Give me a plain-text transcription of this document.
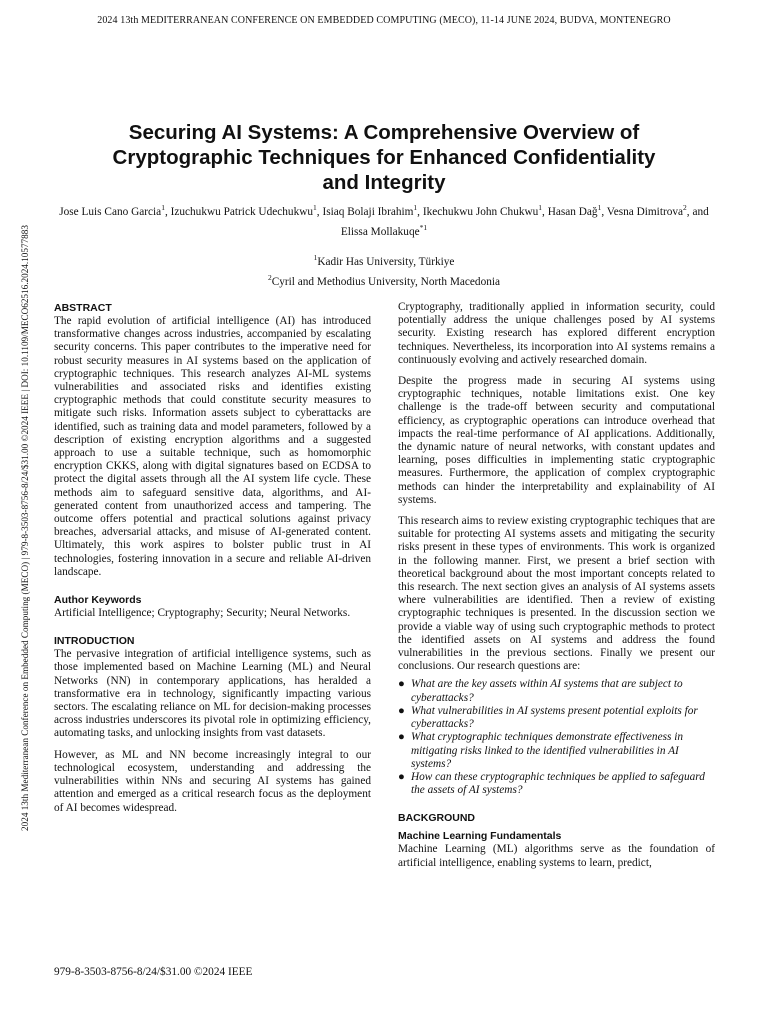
2024 13th MEDITERRANEAN CONFERENCE ON EMBEDDED COMPUTING (MECO), 11-14 JUNE 2024, BUDVA, MONTENEGRO
2024 13th Mediterranean Conference on Embedded Computing (MECO) | 979-8-3503-8756-8/24/$31.00 ©2024 IEEE | DOI: 10.1109/MECO62516.2024.10577883
Securing AI Systems: A Comprehensive Overview of
Cryptographic Techniques for Enhanced Confidentiality
and Integrity
Jose Luis Cano Garcia$^1$, Izuchukwu Patrick Udechukwu$^1$, Isiaq Bolaji Ibrahim$^1$, Ikechukwu John Chukwu$^1$, Hasan Dağ$^1$, Vesna Dimitrova$^2$, and Elissa Mollakuqe$^{*1}$
$^1$Kadir Has University, Türkiye
$^2$Cyril and Methodius University, North Macedonia

ABSTRACT

The rapid evolution of artificial intelligence (AI) has introduced transformative changes across industries, accompanied by escalating security concerns. This paper contributes to the imperative need for robust security measures in AI systems based on the application of cryptographic techniques. This research analyzes AI-ML systems vulnerabilities and associated risks and identifies existing cryptographic methods that could constitute security measures to mitigate such risks. Information assets subject to cyberattacks are identified, such as training data and model parameters, followed by a description of existing encryption algorithms and a suggested approach to use a suitable technique, such as homomorphic encryption CKKS, along with digital signatures based on ECDSA to protect the digital assets through all the AI system life cycle. These methods aim to safeguard sensitive data, algorithms, and AI-generated content from unauthorized access and tampering. The outcome offers potential and practical solutions against privacy breaches, adversarial attacks, and misuse of AI-generated content. Ultimately, this work aspires to bolster public trust in AI technologies, fostering innovation in a secure and reliable AI-driven landscape.

Author Keywords

Artificial Intelligence; Cryptography; Security; Neural Networks.

INTRODUCTION

The pervasive integration of artificial intelligence systems, such as those implemented based on Machine Learning (ML) and Neural Networks (NN) in contemporary applications, has heralded a transformative era in technology, significantly impacting various sectors. The escalating reliance on ML for decision-making processes across industries underscores its pivotal role in optimizing efficiency, automating tasks, and unlocking insights from vast datasets.

However, as ML and NN become increasingly integral to our technological ecosystem, understanding and addressing the vulnerabilities within NNs and securing AI systems has gained attention and emerged as a critical research focus as the deployment of AI becomes widespread.

Cryptography, traditionally applied in information security, could potentially address the unique challenges posed by AI systems security. Existing research has explored different encryption techniques. Nevertheless, its incorporation into AI systems remains a continuously evolving and actively researched domain.

Despite the progress made in securing AI systems using cryptographic techniques, notable limitations exist. One key challenge is the trade-off between security and computational efficiency, as cryptographic operations can introduce overhead that impacts the real-time performance of AI applications. Additionally, the dynamic nature of neural networks, with constant updates and learning, poses difficulties in implementing static cryptographic measures. Furthermore, the application of complex cryptographic methods can hinder the interpretability and explainability of AI systems.

This research aims to review existing cryptographic techiques that are suitable for protecting AI systems assets and mitigating the security risks present in these types of environments. This work is organized in the following manner. First, we present a brief section with theoretical background about the most important concepts related to this research. The next section gives an analysis of AI systems assets where vulnerabilities are identified. Then a review of existing cryptographic techniques is presented. In the discussion section we provide a viable way of using such cryptographic methods to protect the identified assets on AI systems and address the found vulnerabilities in the previous sections. Finally we present our conclusions. Our research questions are:

● What are the key assets within AI systems that are subject to cyberattacks?
● What vulnerabilities in AI systems present potential exploits for cyberattacks?
● What cryptographic techniques demonstrate effectiveness in mitigating risks linked to the identified vulnerabilities in AI systems?
● How can these cryptographic techniques be applied to safeguard the assets of AI systems?

BACKGROUND

Machine Learning Fundamentals

Machine Learning (ML) algorithms serve as the foundation of artificial intelligence, enabling systems to learn, predict,

979-8-3503-8756-8/24/$31.00 ©2024 IEEE
